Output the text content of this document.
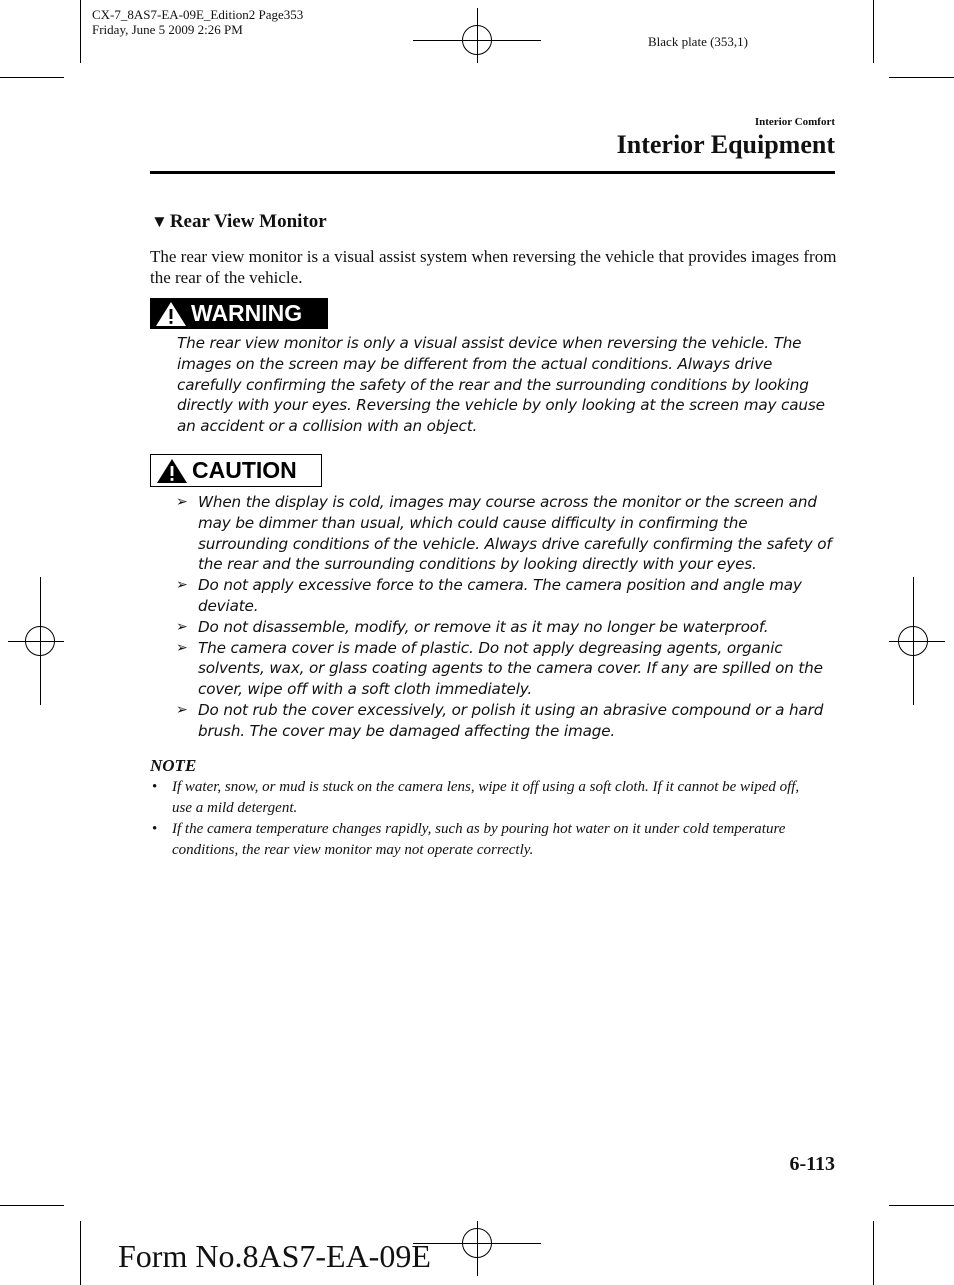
CX-7_8AS7-EA-09E_Edition2 Page353
Friday, June 5 2009 2:26 PM
Black plate (353,1)
Interior Comfort
Interior Equipment
▼ Rear View Monitor
The rear view monitor is a visual assist system when reversing the vehicle that provides images from the rear of the vehicle.
WARNING
The rear view monitor is only a visual assist device when reversing the vehicle. The images on the screen may be different from the actual conditions. Always drive carefully confirming the safety of the rear and the surrounding conditions by looking directly with your eyes. Reversing the vehicle by only looking at the screen may cause an accident or a collision with an object.
CAUTION
➢ When the display is cold, images may course across the monitor or the screen and may be dimmer than usual, which could cause difficulty in confirming the surrounding conditions of the vehicle. Always drive carefully confirming the safety of the rear and the surrounding conditions by looking directly with your eyes.
➢ Do not apply excessive force to the camera. The camera position and angle may deviate.
➢ Do not disassemble, modify, or remove it as it may no longer be waterproof.
➢ The camera cover is made of plastic. Do not apply degreasing agents, organic solvents, wax, or glass coating agents to the camera cover. If any are spilled on the cover, wipe off with a soft cloth immediately.
➢ Do not rub the cover excessively, or polish it using an abrasive compound or a hard brush. The cover may be damaged affecting the image.
NOTE
• If water, snow, or mud is stuck on the camera lens, wipe it off using a soft cloth. If it cannot be wiped off, use a mild detergent.
• If the camera temperature changes rapidly, such as by pouring hot water on it under cold temperature conditions, the rear view monitor may not operate correctly.
6-113
Form No.8AS7-EA-09E
